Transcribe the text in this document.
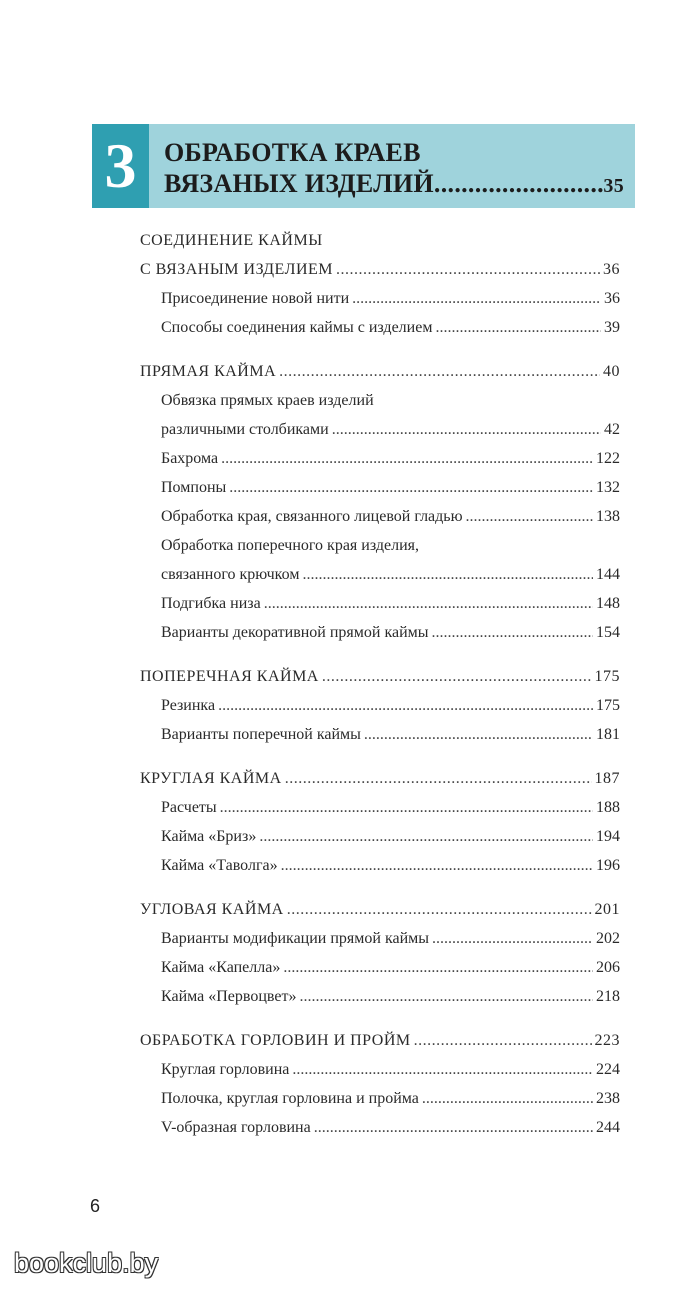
3	ОБРАБОТКА КРАЕВ
ВЯЗАНЫХ ИЗДЕЛИЙ .....	35
СОЕДИНЕНИЕ КАЙМЫ
С ВЯЗАНЫМ ИЗДЕЛИЕМ .....	36
Присоединение новой нити .....	36
Способы соединения каймы с изделием .....	39
ПРЯМАЯ КАЙМА .....	40
Обвязка прямых краев изделий
различными столбиками .....	42
Бахрома .....	122
Помпоны .....	132
Обработка края, связанного лицевой гладью .....	138
Обработка поперечного края изделия,
связанного крючком .....	144
Подгибка низа .....	148
Варианты декоративной прямой каймы .....	154
ПОПЕРЕЧНАЯ КАЙМА .....	175
Резинка .....	175
Варианты поперечной каймы .....	181
КРУГЛАЯ КАЙМА .....	187
Расчеты .....	188
Кайма «Бриз» .....	194
Кайма «Таволга» .....	196
УГЛОВАЯ КАЙМА .....	201
Варианты модификации прямой каймы .....	202
Кайма «Капелла» .....	206
Кайма «Первоцвет» .....	218
ОБРАБОТКА ГОРЛОВИН И ПРОЙМ .....	223
Круглая горловина .....	224
Полочка, круглая горловина и пройма .....	238
V-образная горловина .....	244
6
bookclub.by
